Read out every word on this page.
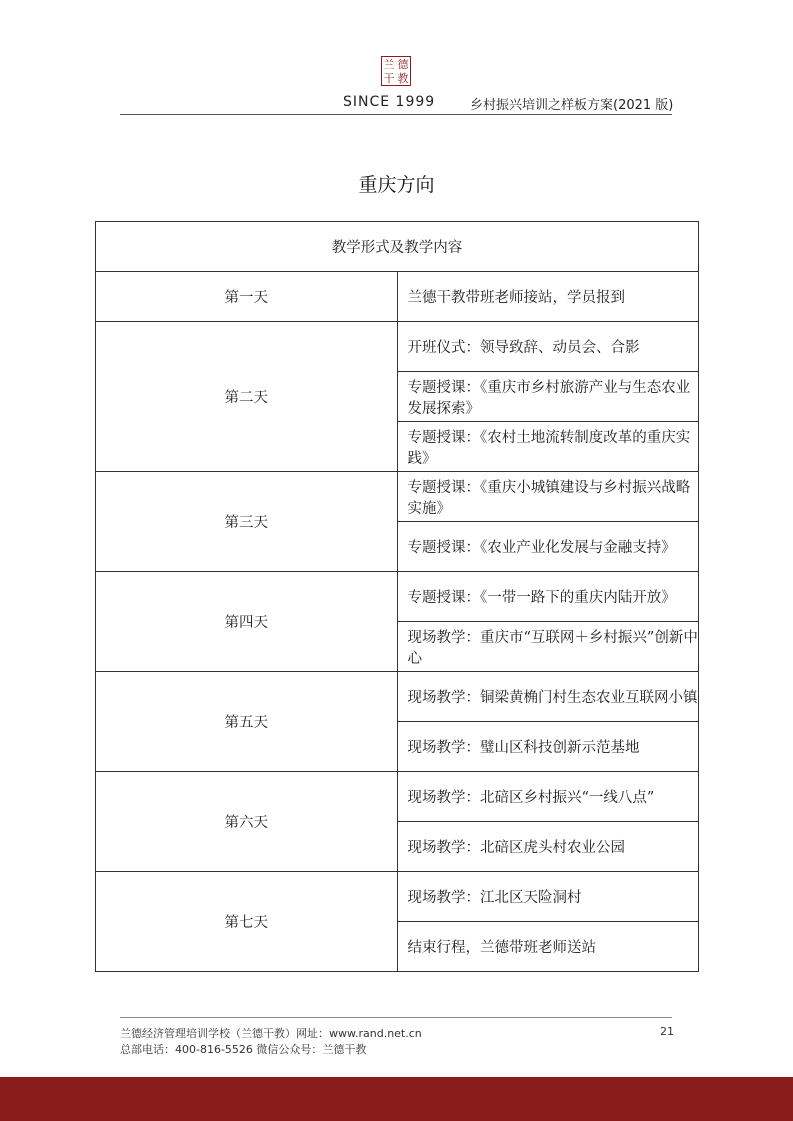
兰 德
干 教
SINCE 1999	乡村振兴培训之样板方案(2021 版)
重庆方向
教学形式及教学内容	
第一天	兰德干教带班老师接站，学员报到
第二天	开班仪式：领导致辞、动员会、合影
	专题授课：《重庆市乡村旅游产业与生态农业发展探索》
	专题授课：《农村土地流转制度改革的重庆实践》
第三天	专题授课：《重庆小城镇建设与乡村振兴战略实施》
	专题授课：《农业产业化发展与金融支持》
第四天	专题授课：《一带一路下的重庆内陆开放》
	现场教学：重庆市“互联网＋乡村振兴”创新中心
第五天	现场教学：铜梁黄桷门村生态农业互联网小镇
	现场教学：璧山区科技创新示范基地
第六天	现场教学：北碚区乡村振兴“一线八点”
	现场教学：北碚区虎头村农业公园
第七天	现场教学：江北区天险洞村
	结束行程，兰德带班老师送站
兰德经济管理培训学校（兰德干教）网址：www.rand.net.cn
总部电话：400-816-5526 微信公众号：兰德干教
21
